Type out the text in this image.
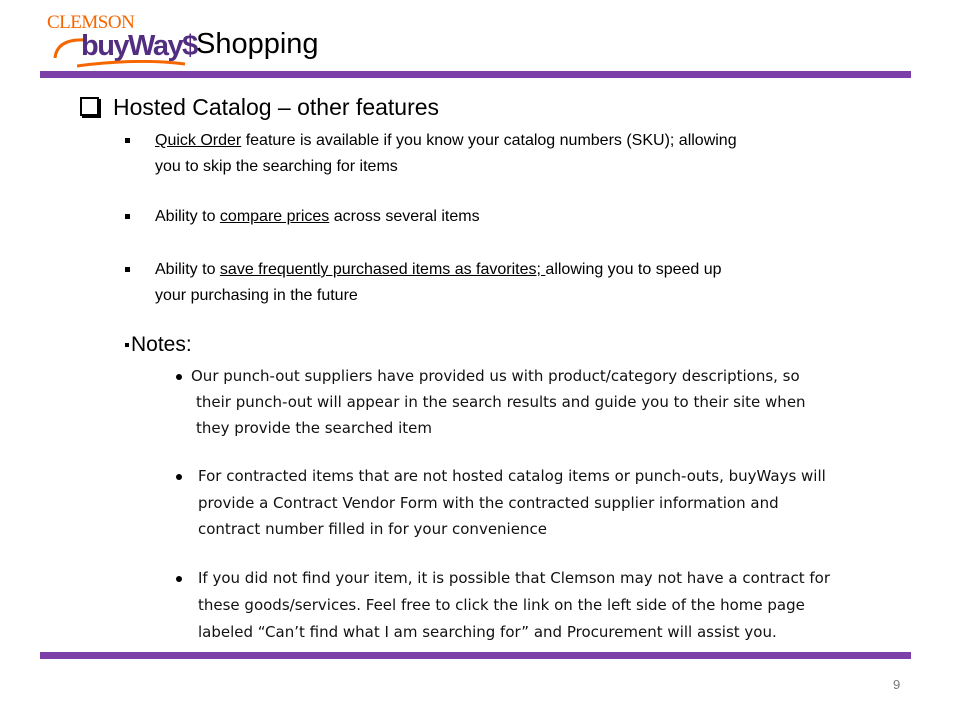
CLEMSON
buyWay$ Shopping
Hosted Catalog – other features
Quick Order feature is available if you know your catalog numbers (SKU); allowing
you to skip the searching for items
Ability to compare prices across several items
Ability to save frequently purchased items as favorites; allowing you to speed up
your purchasing in the future
Notes:
Our punch-out suppliers have provided us with product/category descriptions, so
their punch-out will appear in the search results and guide you to their site when
they provide the searched item
For contracted items that are not hosted catalog items or punch-outs, buyWays will
provide a Contract Vendor Form with the contracted supplier information and
contract number filled in for your convenience
If you did not find your item, it is possible that Clemson may not have a contract for
these goods/services. Feel free to click the link on the left side of the home page
labeled “Can’t find what I am searching for” and Procurement will assist you.
9
